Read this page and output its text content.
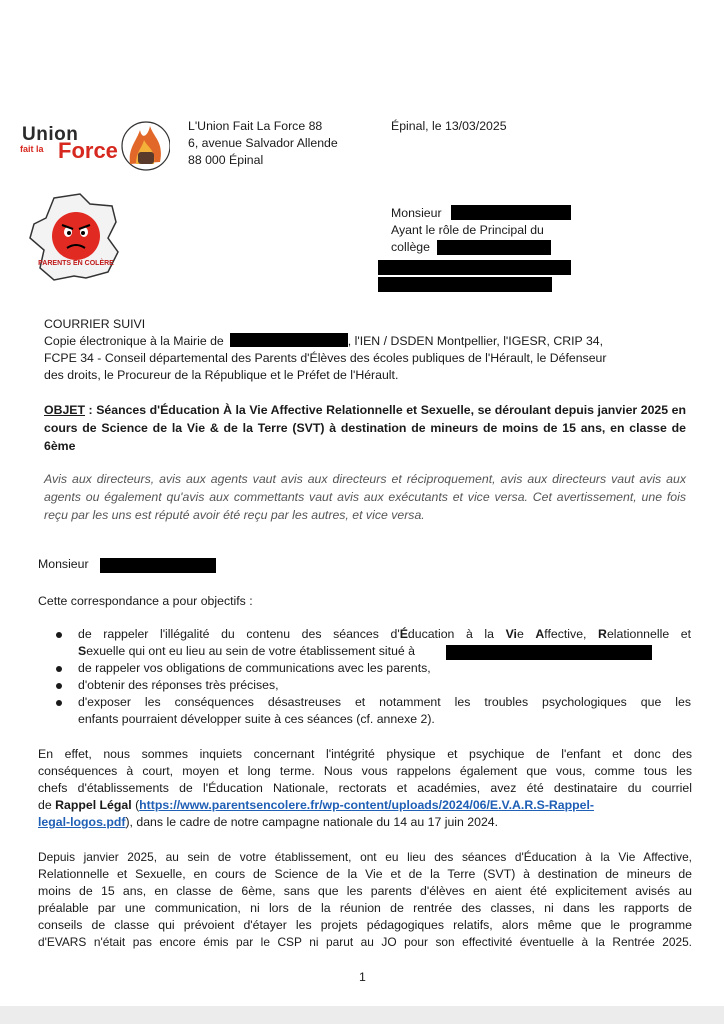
Union
fait la Force
PARENTS EN COLÈRE
L'Union Fait La Force 88
6, avenue Salvador Allende
88 000 Épinal
Épinal, le 13/03/2025
Monsieur
Ayant le rôle de Principal du
collège
COURRIER SUIVI
Copie électronique à la Mairie de	, l'IEN / DSDEN Montpellier, l'IGESR, CRIP 34,
FCPE 34 - Conseil départemental des Parents d'Élèves des écoles publiques de l'Hérault, le Défenseur
des droits, le Procureur de la République et le Préfet de l'Hérault.
OBJET : Séances d'Éducation À la Vie Affective Relationnelle et Sexuelle, se déroulant depuis janvier 2025 en cours de Science de la Vie & de la Terre (SVT) à destination de mineurs de moins de 15 ans, en classe de 6ème
Avis aux directeurs, avis aux agents vaut avis aux directeurs et réciproquement, avis aux directeurs vaut avis aux agents ou également qu'avis aux commettants vaut avis aux exécutants et vice versa. Cet avertissement, une fois reçu par les uns est réputé avoir été reçu par les autres, et vice versa.
Monsieur
Cette correspondance a pour objectifs :
de rappeler l'illégalité du contenu des séances d'Éducation à la Vie Affective, Relationnelle et
Sexuelle qui ont eu lieu au sein de votre établissement situé à
de rappeler vos obligations de communications avec les parents,
d'obtenir des réponses très précises,
d'exposer les conséquences désastreuses et notamment les troubles psychologiques que les
enfants pourraient développer suite à ces séances (cf. annexe 2).
En effet, nous sommes inquiets concernant l'intégrité physique et psychique de l'enfant et donc des
conséquences à court, moyen et long terme. Nous vous rappelons également que vous, comme tous les
chefs d'établissements de l'Éducation Nationale, rectorats et académies, avez été destinataire du courriel
de Rappel Légal (https://www.parentsencolere.fr/wp-content/uploads/2024/06/E.V.A.R.S-Rappel-
legal-logos.pdf), dans le cadre de notre campagne nationale du 14 au 17 juin 2024.
Depuis janvier 2025, au sein de votre établissement, ont eu lieu des séances d'Éducation à la Vie Affective,
Relationnelle et Sexuelle, en cours de Science de la Vie et de la Terre (SVT) à destination de mineurs de
moins de 15 ans, en classe de 6ème, sans que les parents d'élèves en aient été explicitement avisés au
préalable par une communication, ni lors de la réunion de rentrée des classes, ni dans les rapports de
conseils de classe qui prévoient d'étayer les projets pédagogiques relatifs, alors même que le programme
d'EVARS n'était pas encore émis par le CSP ni parut au JO pour son effectivité éventuelle à la Rentrée 2025.
1
